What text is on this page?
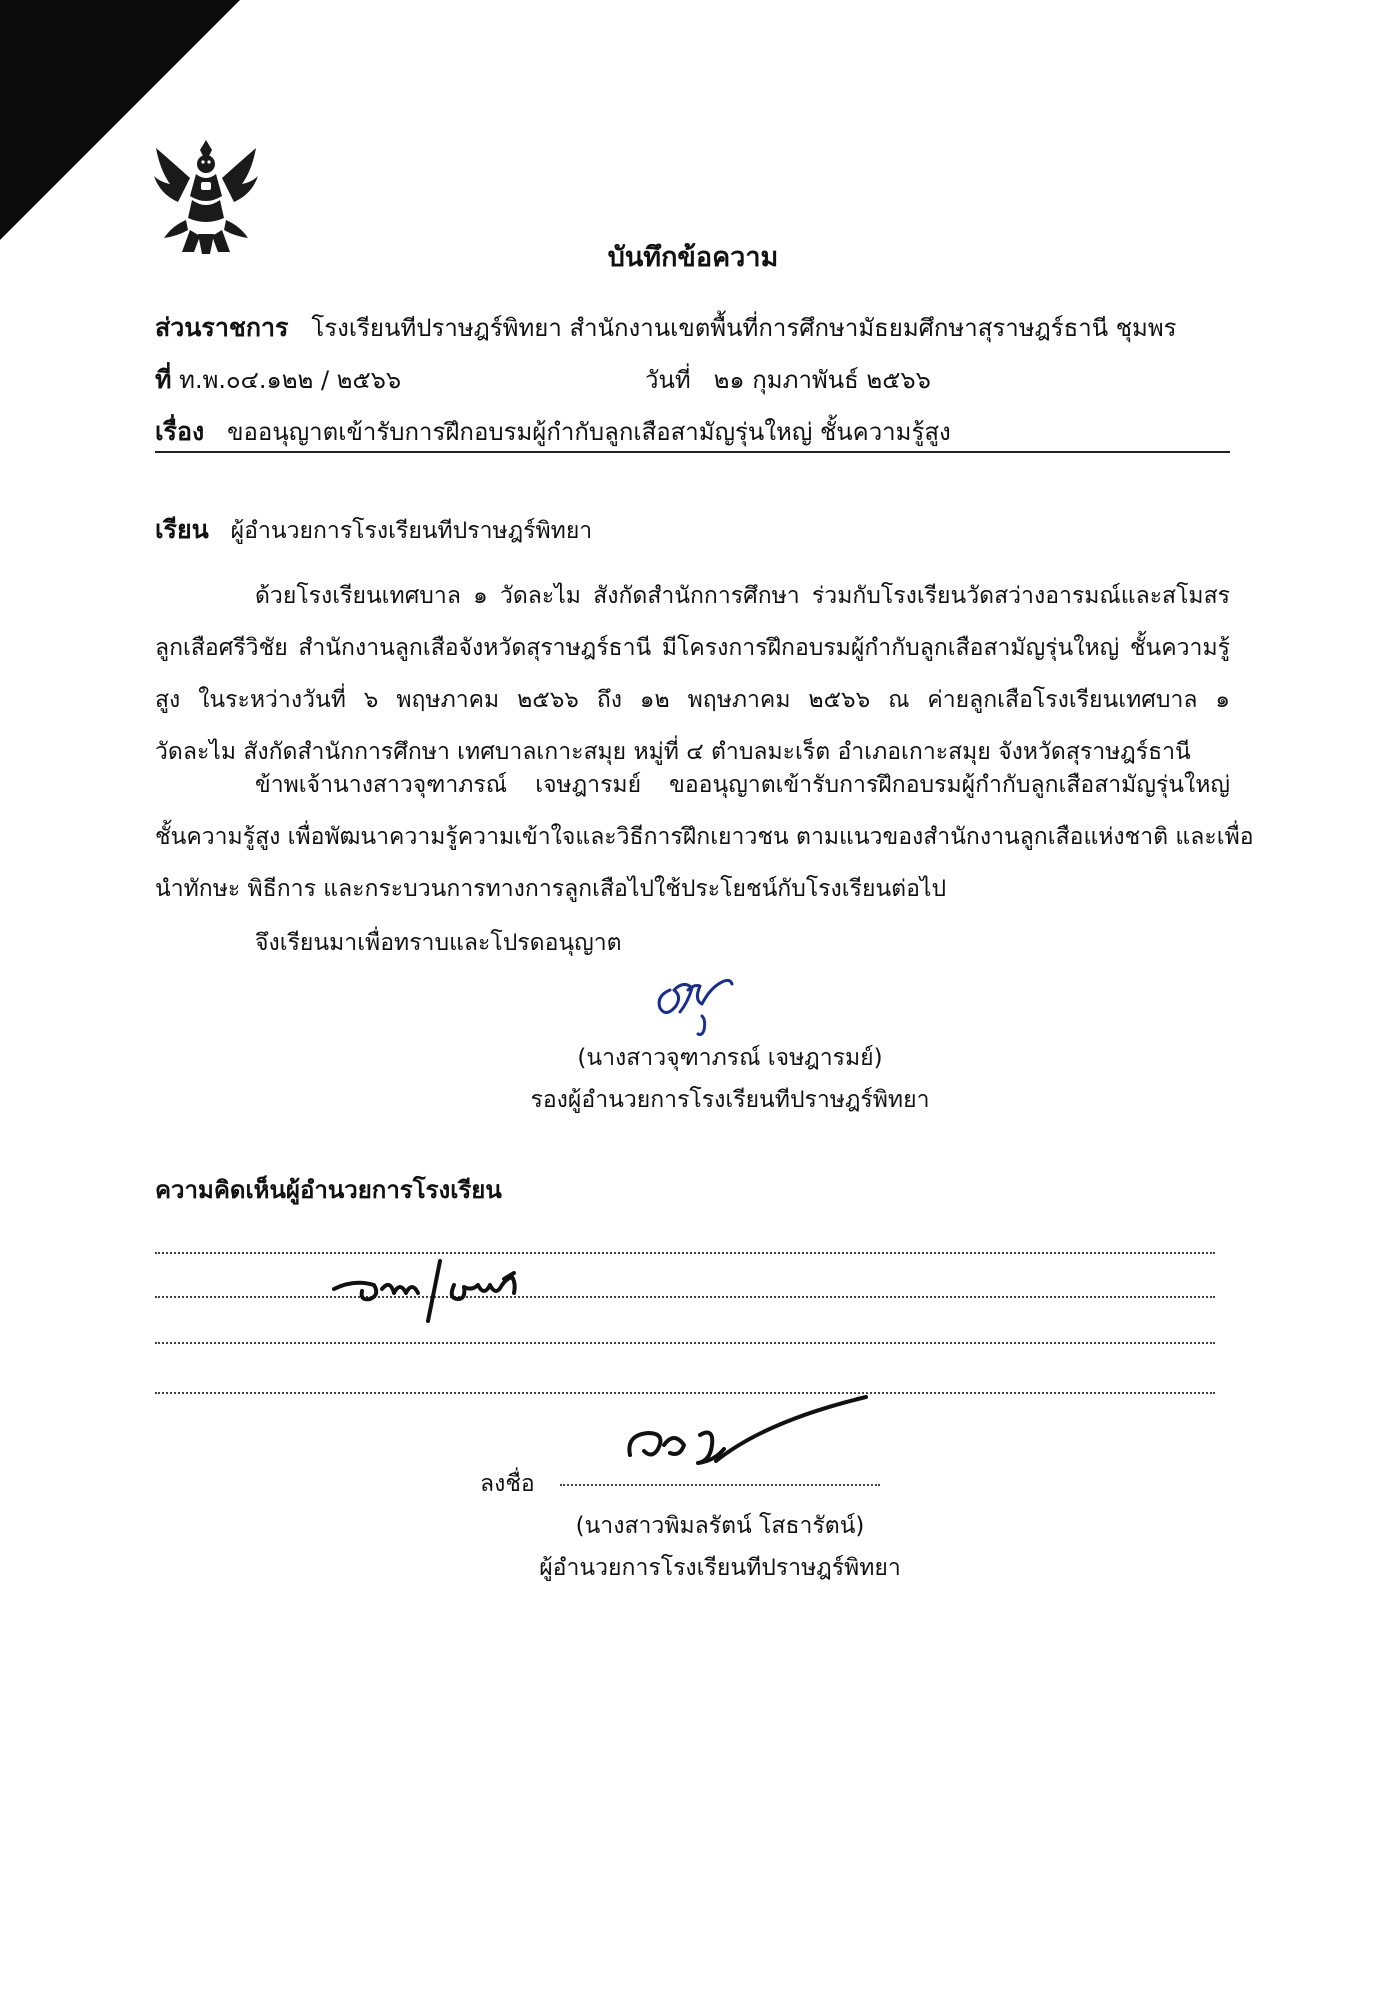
บันทึกข้อความ
ส่วนราชการ โรงเรียนทีปราษฎร์พิทยา สำนักงานเขตพื้นที่การศึกษามัธยมศึกษาสุราษฎร์ธานี ชุมพร
ที่ ท.พ.๐๔.๑๒๒ / ๒๕๖๖	วันที่ ๒๑ กุมภาพันธ์ ๒๕๖๖
เรื่อง ขออนุญาตเข้ารับการฝึกอบรมผู้กำกับลูกเสือสามัญรุ่นใหญ่ ชั้นความรู้สูง
เรียน ผู้อำนวยการโรงเรียนทีปราษฎร์พิทยา
ด้วยโรงเรียนเทศบาล ๑ วัดละไม สังกัดสำนักการศึกษา ร่วมกับโรงเรียนวัดสว่างอารมณ์และสโมสร
ลูกเสือศรีวิชัย สำนักงานลูกเสือจังหวัดสุราษฎร์ธานี มีโครงการฝึกอบรมผู้กำกับลูกเสือสามัญรุ่นใหญ่ ชั้นความรู้
สูง ในระหว่างวันที่ ๖ พฤษภาคม ๒๕๖๖ ถึง ๑๒ พฤษภาคม ๒๕๖๖ ณ ค่ายลูกเสือโรงเรียนเทศบาล ๑
วัดละไม สังกัดสำนักการศึกษา เทศบาลเกาะสมุย หมู่ที่ ๔ ตำบลมะเร็ต อำเภอเกาะสมุย จังหวัดสุราษฎร์ธานี
ข้าพเจ้านางสาวจุฑาภรณ์ เจษฎารมย์ ขออนุญาตเข้ารับการฝึกอบรมผู้กำกับลูกเสือสามัญรุ่นใหญ่
ชั้นความรู้สูง เพื่อพัฒนาความรู้ความเข้าใจและวิธีการฝึกเยาวชน ตามแนวของสำนักงานลูกเสือแห่งชาติ และเพื่อ
นำทักษะ พิธีการ และกระบวนการทางการลูกเสือไปใช้ประโยชน์กับโรงเรียนต่อไป
จึงเรียนมาเพื่อทราบและโปรดอนุญาต
(นางสาวจุฑาภรณ์ เจษฎารมย์)
รองผู้อำนวยการโรงเรียนทีปราษฎร์พิทยา
ความคิดเห็นผู้อำนวยการโรงเรียน
ลงชื่อ
(นางสาวพิมลรัตน์ โสธารัตน์)
ผู้อำนวยการโรงเรียนทีปราษฎร์พิทยา
